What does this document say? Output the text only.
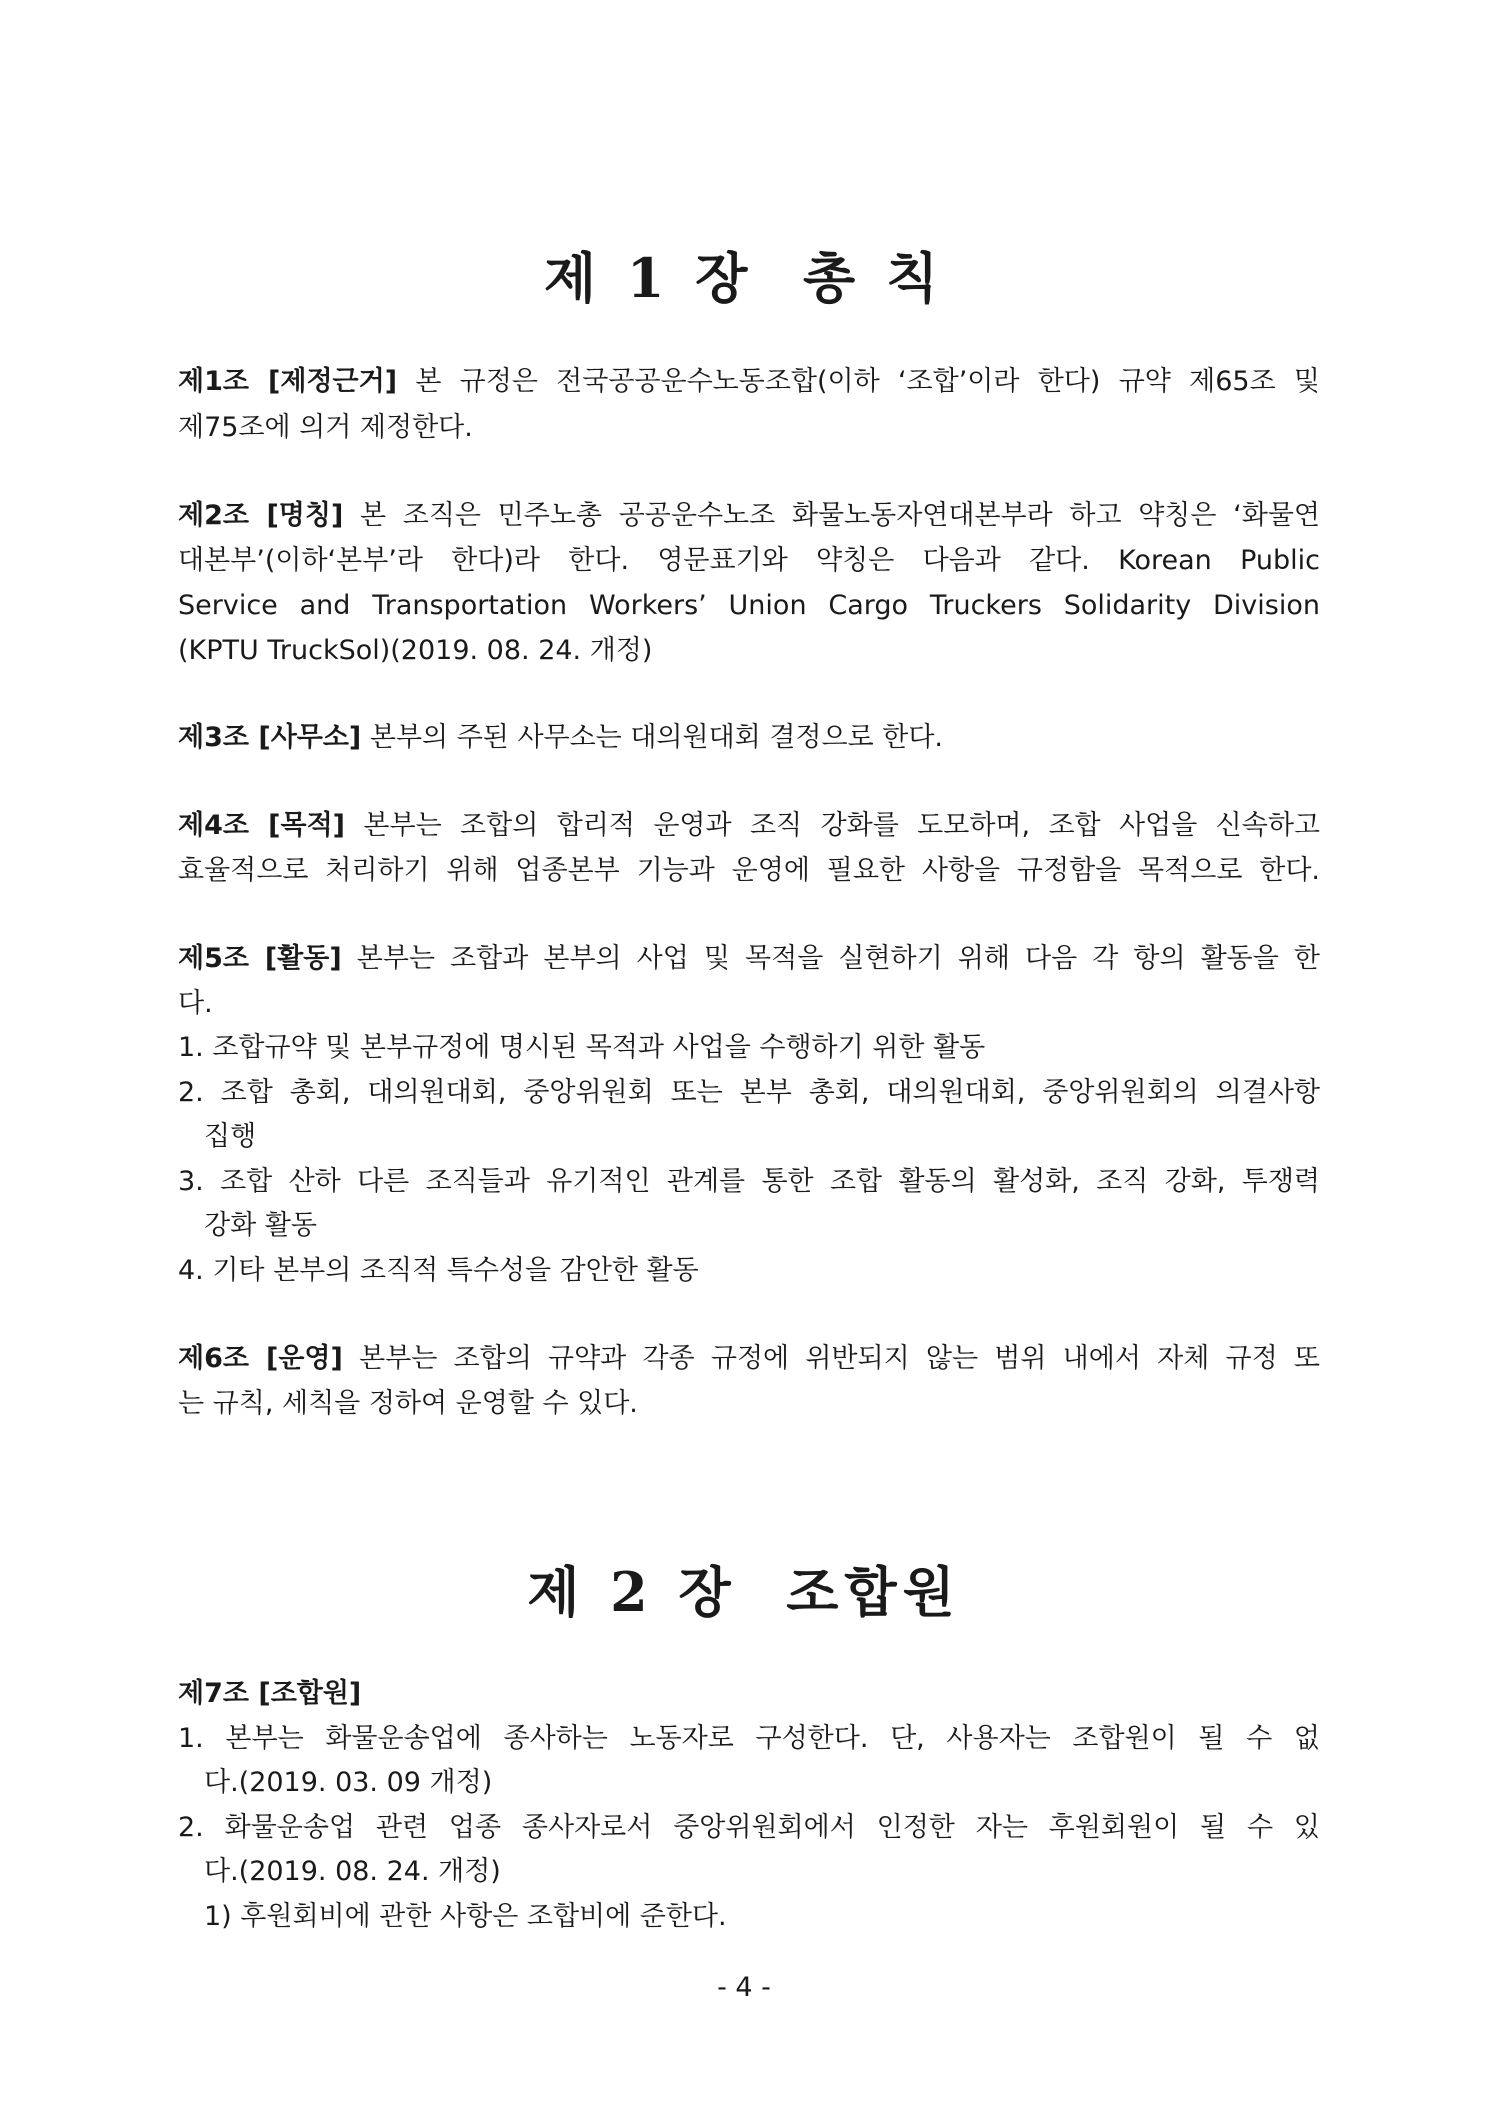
제 1 장  총 칙

제1조 [제정근거] 본 규정은 전국공공운수노동조합(이하 ‘조합’이라 한다) 규약 제65조 및

제75조에 의거 제정한다.

제2조 [명칭] 본 조직은 민주노총 공공운수노조 화물노동자연대본부라 하고 약칭은 ‘화물연

대본부’(이하‘본부’라 한다)라 한다. 영문표기와 약칭은 다음과 같다. Korean Public

Service and Transportation Workers’ Union Cargo Truckers Solidarity Division

(KPTU TruckSol)(2019. 08. 24. 개정)

제3조 [사무소] 본부의 주된 사무소는 대의원대회 결정으로 한다.

제4조 [목적] 본부는 조합의 합리적 운영과 조직 강화를 도모하며, 조합 사업을 신속하고

효율적으로 처리하기 위해 업종본부 기능과 운영에 필요한 사항을 규정함을 목적으로 한다.

제5조 [활동] 본부는 조합과 본부의 사업 및 목적을 실현하기 위해 다음 각 항의 활동을 한

다.

1. 조합규약 및 본부규정에 명시된 목적과 사업을 수행하기 위한 활동

2. 조합 총회, 대의원대회, 중앙위원회 또는 본부 총회, 대의원대회, 중앙위원회의 의결사항

집행

3. 조합 산하 다른 조직들과 유기적인 관계를 통한 조합 활동의 활성화, 조직 강화, 투쟁력

강화 활동

4. 기타 본부의 조직적 특수성을 감안한 활동

제6조 [운영] 본부는 조합의 규약과 각종 규정에 위반되지 않는 범위 내에서 자체 규정 또

는 규칙, 세칙을 정하여 운영할 수 있다.

제 2 장  조합원

제7조 [조합원]

1. 본부는 화물운송업에 종사하는 노동자로 구성한다. 단, 사용자는 조합원이 될 수 없

다.(2019. 03. 09 개정)

2. 화물운송업 관련 업종 종사자로서 중앙위원회에서 인정한 자는 후원회원이 될 수 있

다.(2019. 08. 24. 개정)

1) 후원회비에 관한 사항은 조합비에 준한다.

- 4 -
